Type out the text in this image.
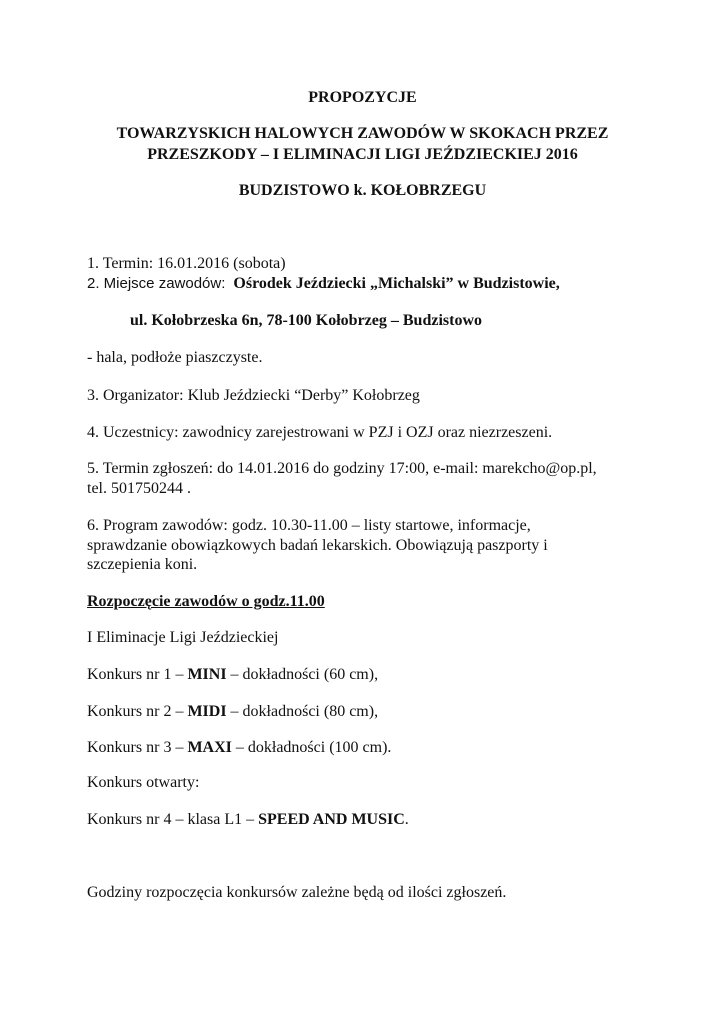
PROPOZYCJE
TOWARZYSKICH HALOWYCH ZAWODÓW W SKOKACH PRZEZ
PRZESZKODY – I ELIMINACJI LIGI JEŹDZIECKIEJ 2016
BUDZISTOWO k. KOŁOBRZEGU
1. Termin: 16.01.2016 (sobota)
2. Miejsce zawodów: Ośrodek Jeździecki „Michalski” w Budzistowie,
ul. Kołobrzeska 6n, 78-100 Kołobrzeg – Budzistowo
- hala, podłoże piaszczyste.
3. Organizator: Klub Jeździecki “Derby” Kołobrzeg
4. Uczestnicy: zawodnicy zarejestrowani w PZJ i OZJ oraz niezrzeszeni.
5. Termin zgłoszeń: do 14.01.2016 do godziny 17:00, e-mail: marekcho@op.pl,
tel. 501750244 .
6. Program zawodów: godz. 10.30-11.00 – listy startowe, informacje,
sprawdzanie obowiązkowych badań lekarskich. Obowiązują paszporty i
szczepienia koni.
Rozpoczęcie zawodów o godz.11.00
I Eliminacje Ligi Jeździeckiej
Konkurs nr 1 – MINI – dokładności (60 cm),
Konkurs nr 2 – MIDI – dokładności (80 cm),
Konkurs nr 3 – MAXI – dokładności (100 cm).
Konkurs otwarty:
Konkurs nr 4 – klasa L1 – SPEED AND MUSIC.
Godziny rozpoczęcia konkursów zależne będą od ilości zgłoszeń.
